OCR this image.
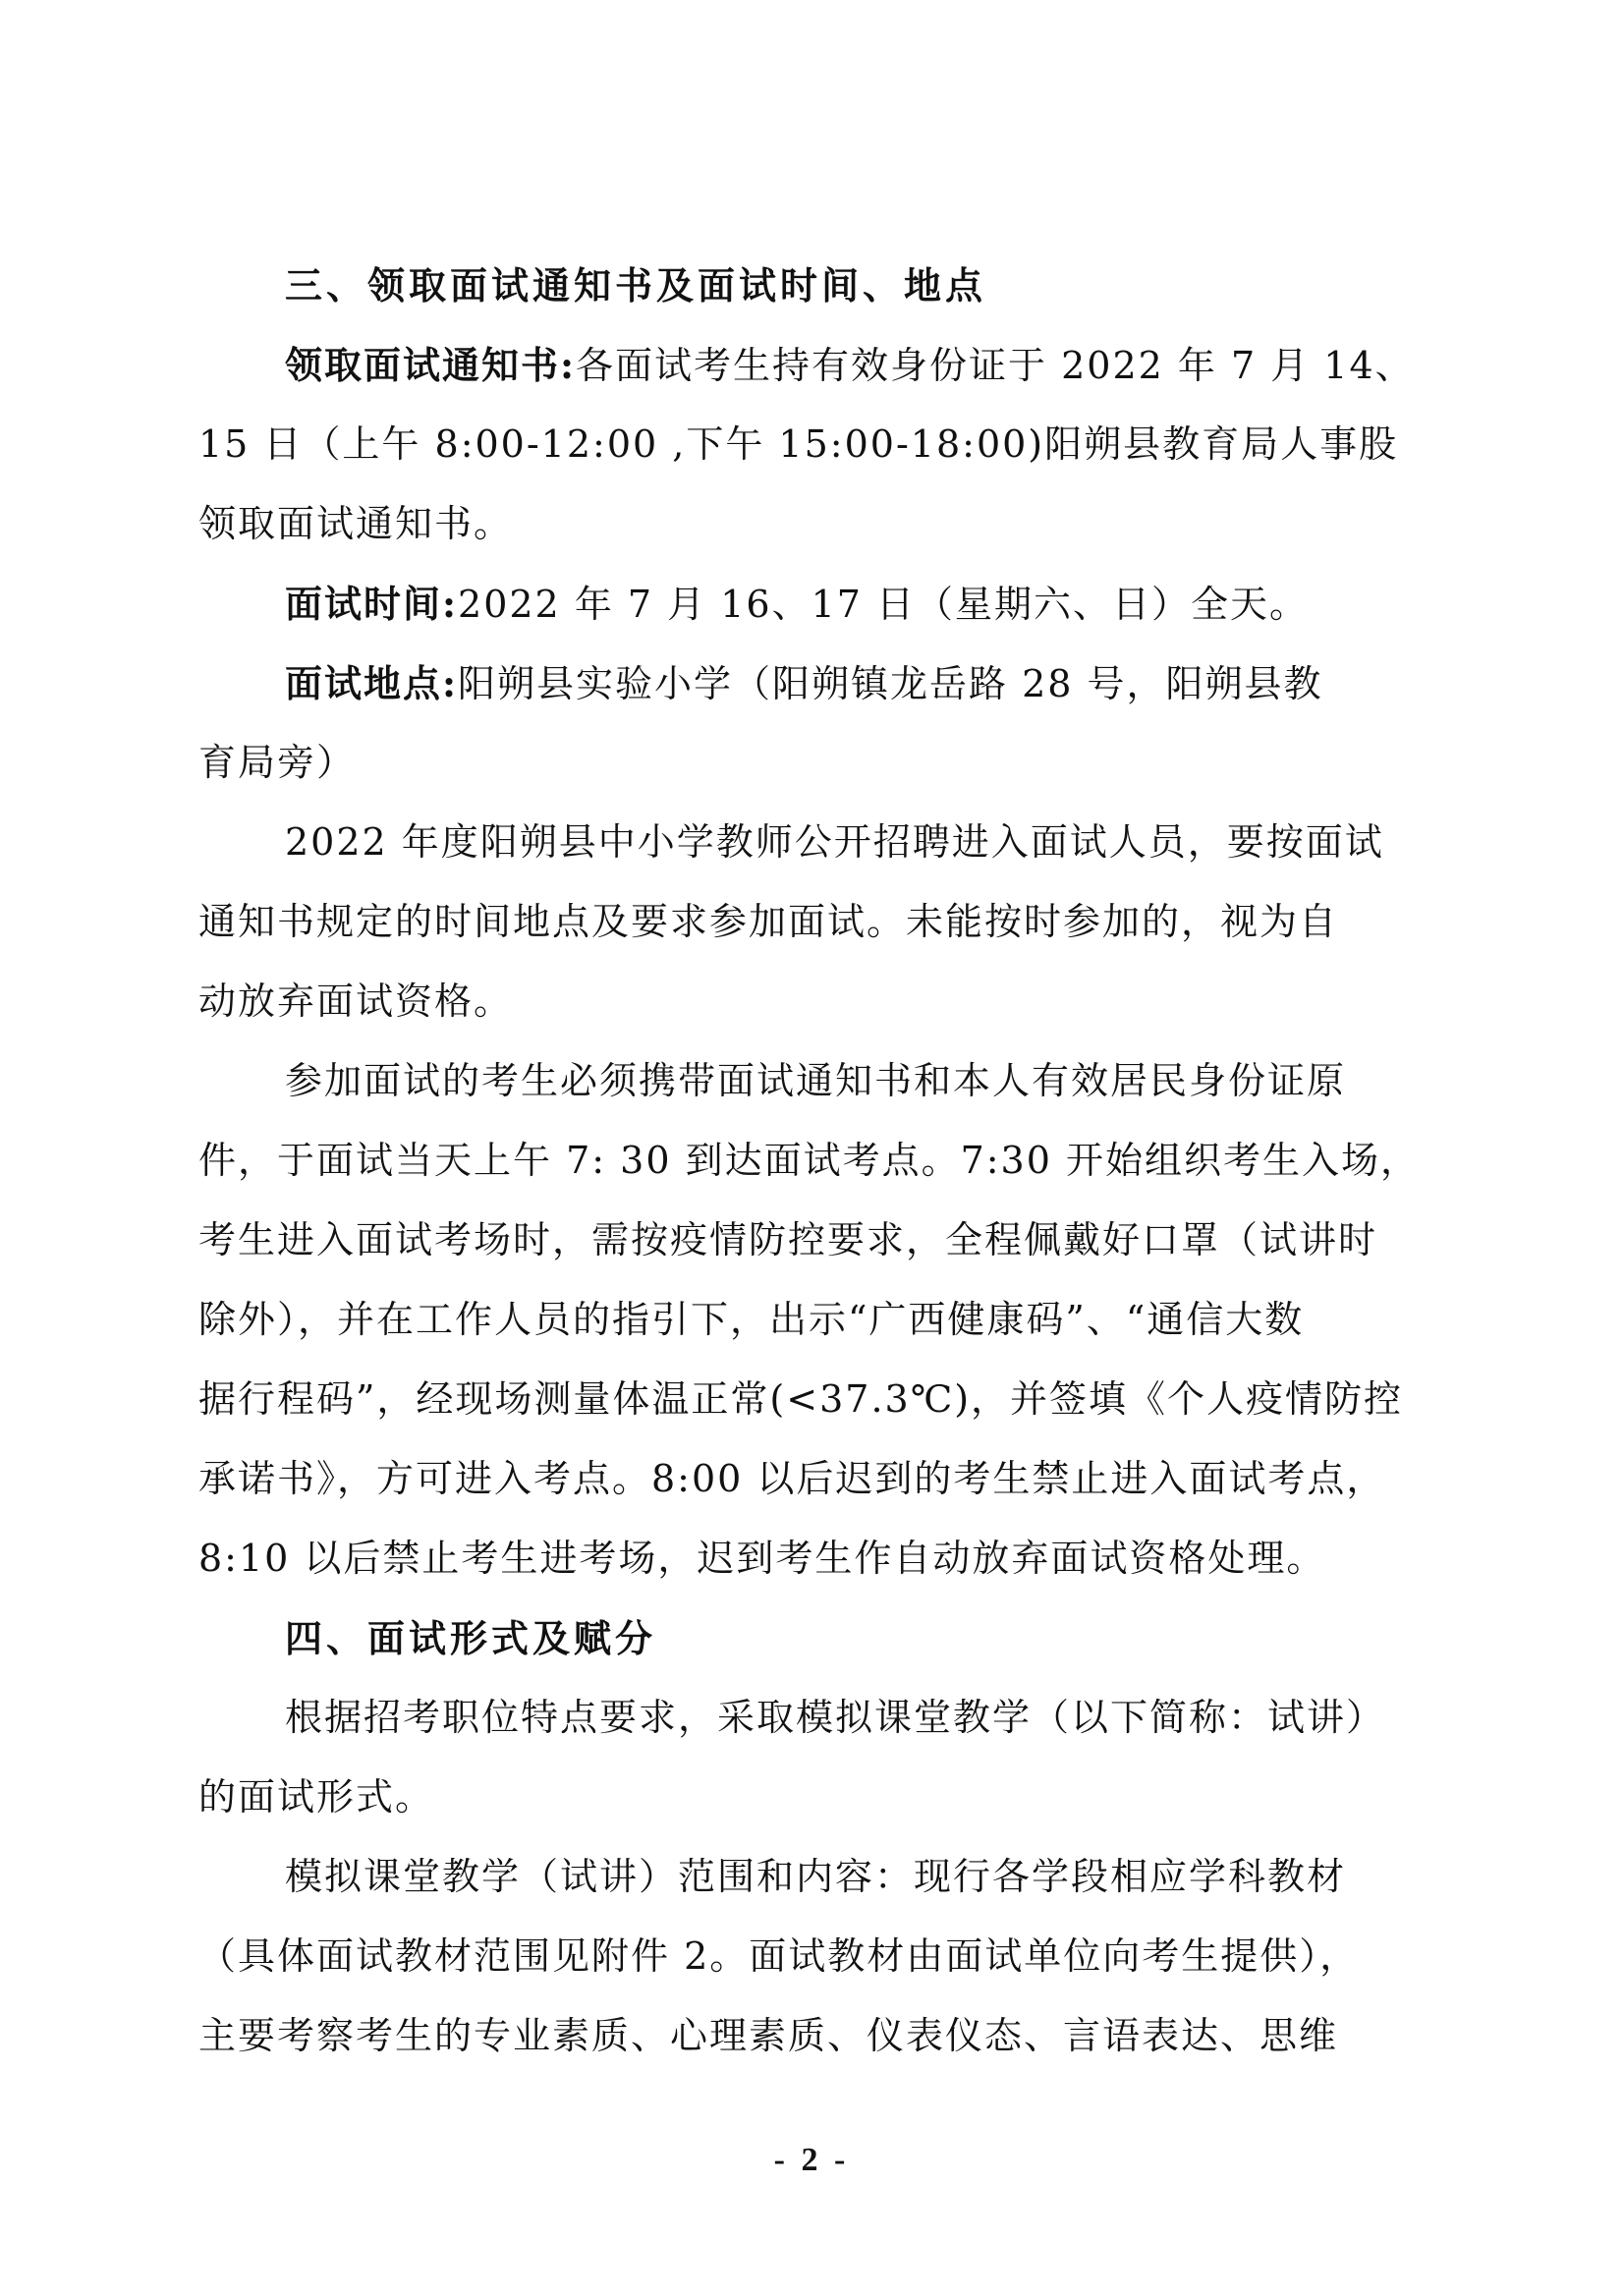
三、领取面试通知书及面试时间、地点
领取面试通知书:各面试考生持有效身份证于 2022 年 7 月 14、
15 日（上午 8:00-12:00 ,下午 15:00-18:00)阳朔县教育局人事股
领取面试通知书。
面试时间:2022 年 7 月 16、17 日（星期六、日）全天。
面试地点:阳朔县实验小学（阳朔镇龙岳路 28 号，阳朔县教
育局旁）
2022 年度阳朔县中小学教师公开招聘进入面试人员，要按面试
通知书规定的时间地点及要求参加面试。未能按时参加的，视为自
动放弃面试资格。
参加面试的考生必须携带面试通知书和本人有效居民身份证原
件，于面试当天上午 7: 30 到达面试考点。7:30 开始组织考生入场，
考生进入面试考场时，需按疫情防控要求，全程佩戴好口罩（试讲时
除外），并在工作人员的指引下，出示“广西健康码”、“通信大数
据行程码”，经现场测量体温正常(<37.3℃)，并签填《个人疫情防控
承诺书》，方可进入考点。8:00 以后迟到的考生禁止进入面试考点，
8:10 以后禁止考生进考场，迟到考生作自动放弃面试资格处理。
四、面试形式及赋分
根据招考职位特点要求，采取模拟课堂教学（以下简称：试讲）
的面试形式。
模拟课堂教学（试讲）范围和内容：现行各学段相应学科教材
（具体面试教材范围见附件 2。面试教材由面试单位向考生提供），
主要考察考生的专业素质、心理素质、仪表仪态、言语表达、思维
- 2 -
